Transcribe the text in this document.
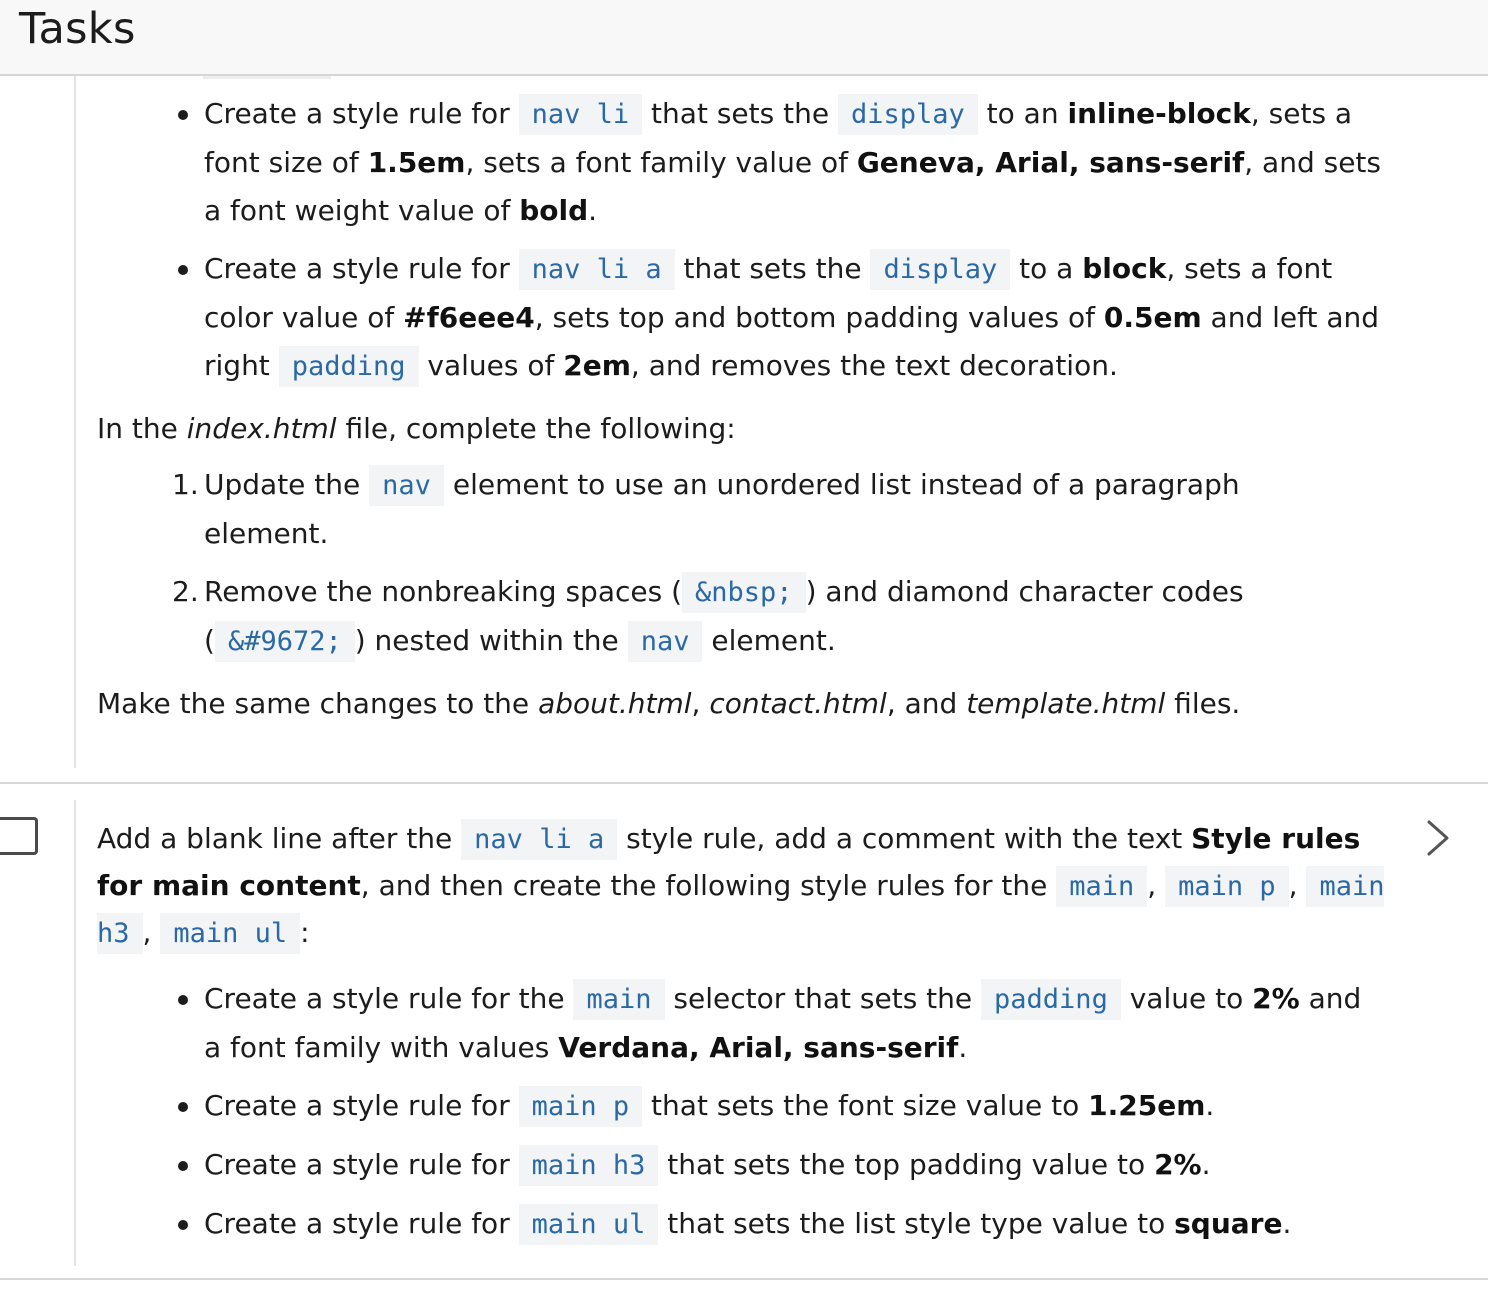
Tasks
Create a style rule for nav li that sets the display to an inline-block, sets a font size of 1.5em, sets a font family value of Geneva, Arial, sans-serif, and sets a font weight value of bold.
Create a style rule for nav li a that sets the display to a block, sets a font color value of #f6eee4, sets top and bottom padding values of 0.5em and left and right padding values of 2em, and removes the text decoration.

In the index.html file, complete the following:

1. Update the nav element to use an unordered list instead of a paragraph element.
2. Remove the nonbreaking spaces ( &nbsp; ) and diamond character codes ( &#9672; ) nested within the nav element.

Make the same changes to the about.html, contact.html, and template.html files.

Add a blank line after the nav li a style rule, add a comment with the text Style rules for main content, and then create the following style rules for the main , main p , main h3 , main ul :

Create a style rule for the main selector that sets the padding value to 2% and a font family with values Verdana, Arial, sans-serif.
Create a style rule for main p that sets the font size value to 1.25em.
Create a style rule for main h3 that sets the top padding value to 2%.
Create a style rule for main ul that sets the list style type value to square.
